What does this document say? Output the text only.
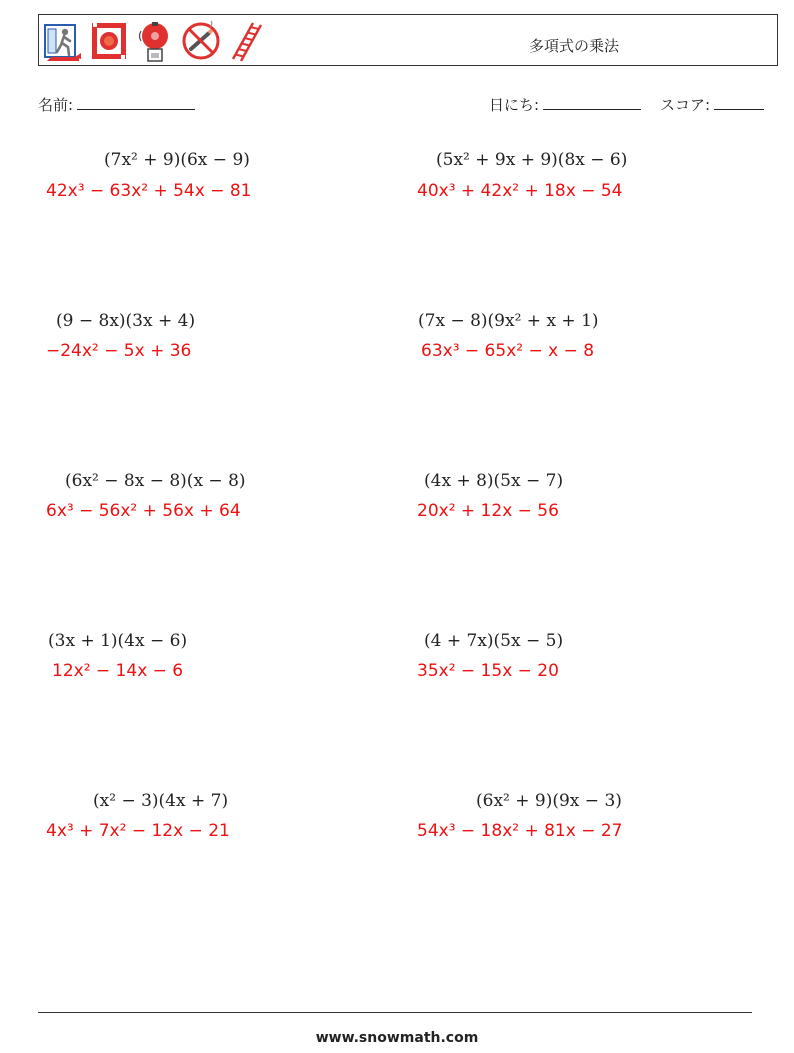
多項式の乗法
名前:	日にち:	スコア:
(7x² + 9)(6x − 9)
42x³ − 63x² + 54x − 81
(9 − 8x)(3x + 4)
−24x² − 5x + 36
(6x² − 8x − 8)(x − 8)
6x³ − 56x² + 56x + 64
(3x + 1)(4x − 6)
12x² − 14x − 6
(x² − 3)(4x + 7)
4x³ + 7x² − 12x − 21
(5x² + 9x + 9)(8x − 6)
40x³ + 42x² + 18x − 54
(7x − 8)(9x² + x + 1)
63x³ − 65x² − x − 8
(4x + 8)(5x − 7)
20x² + 12x − 56
(4 + 7x)(5x − 5)
35x² − 15x − 20
(6x² + 9)(9x − 3)
54x³ − 18x² + 81x − 27
www.snowmath.com
